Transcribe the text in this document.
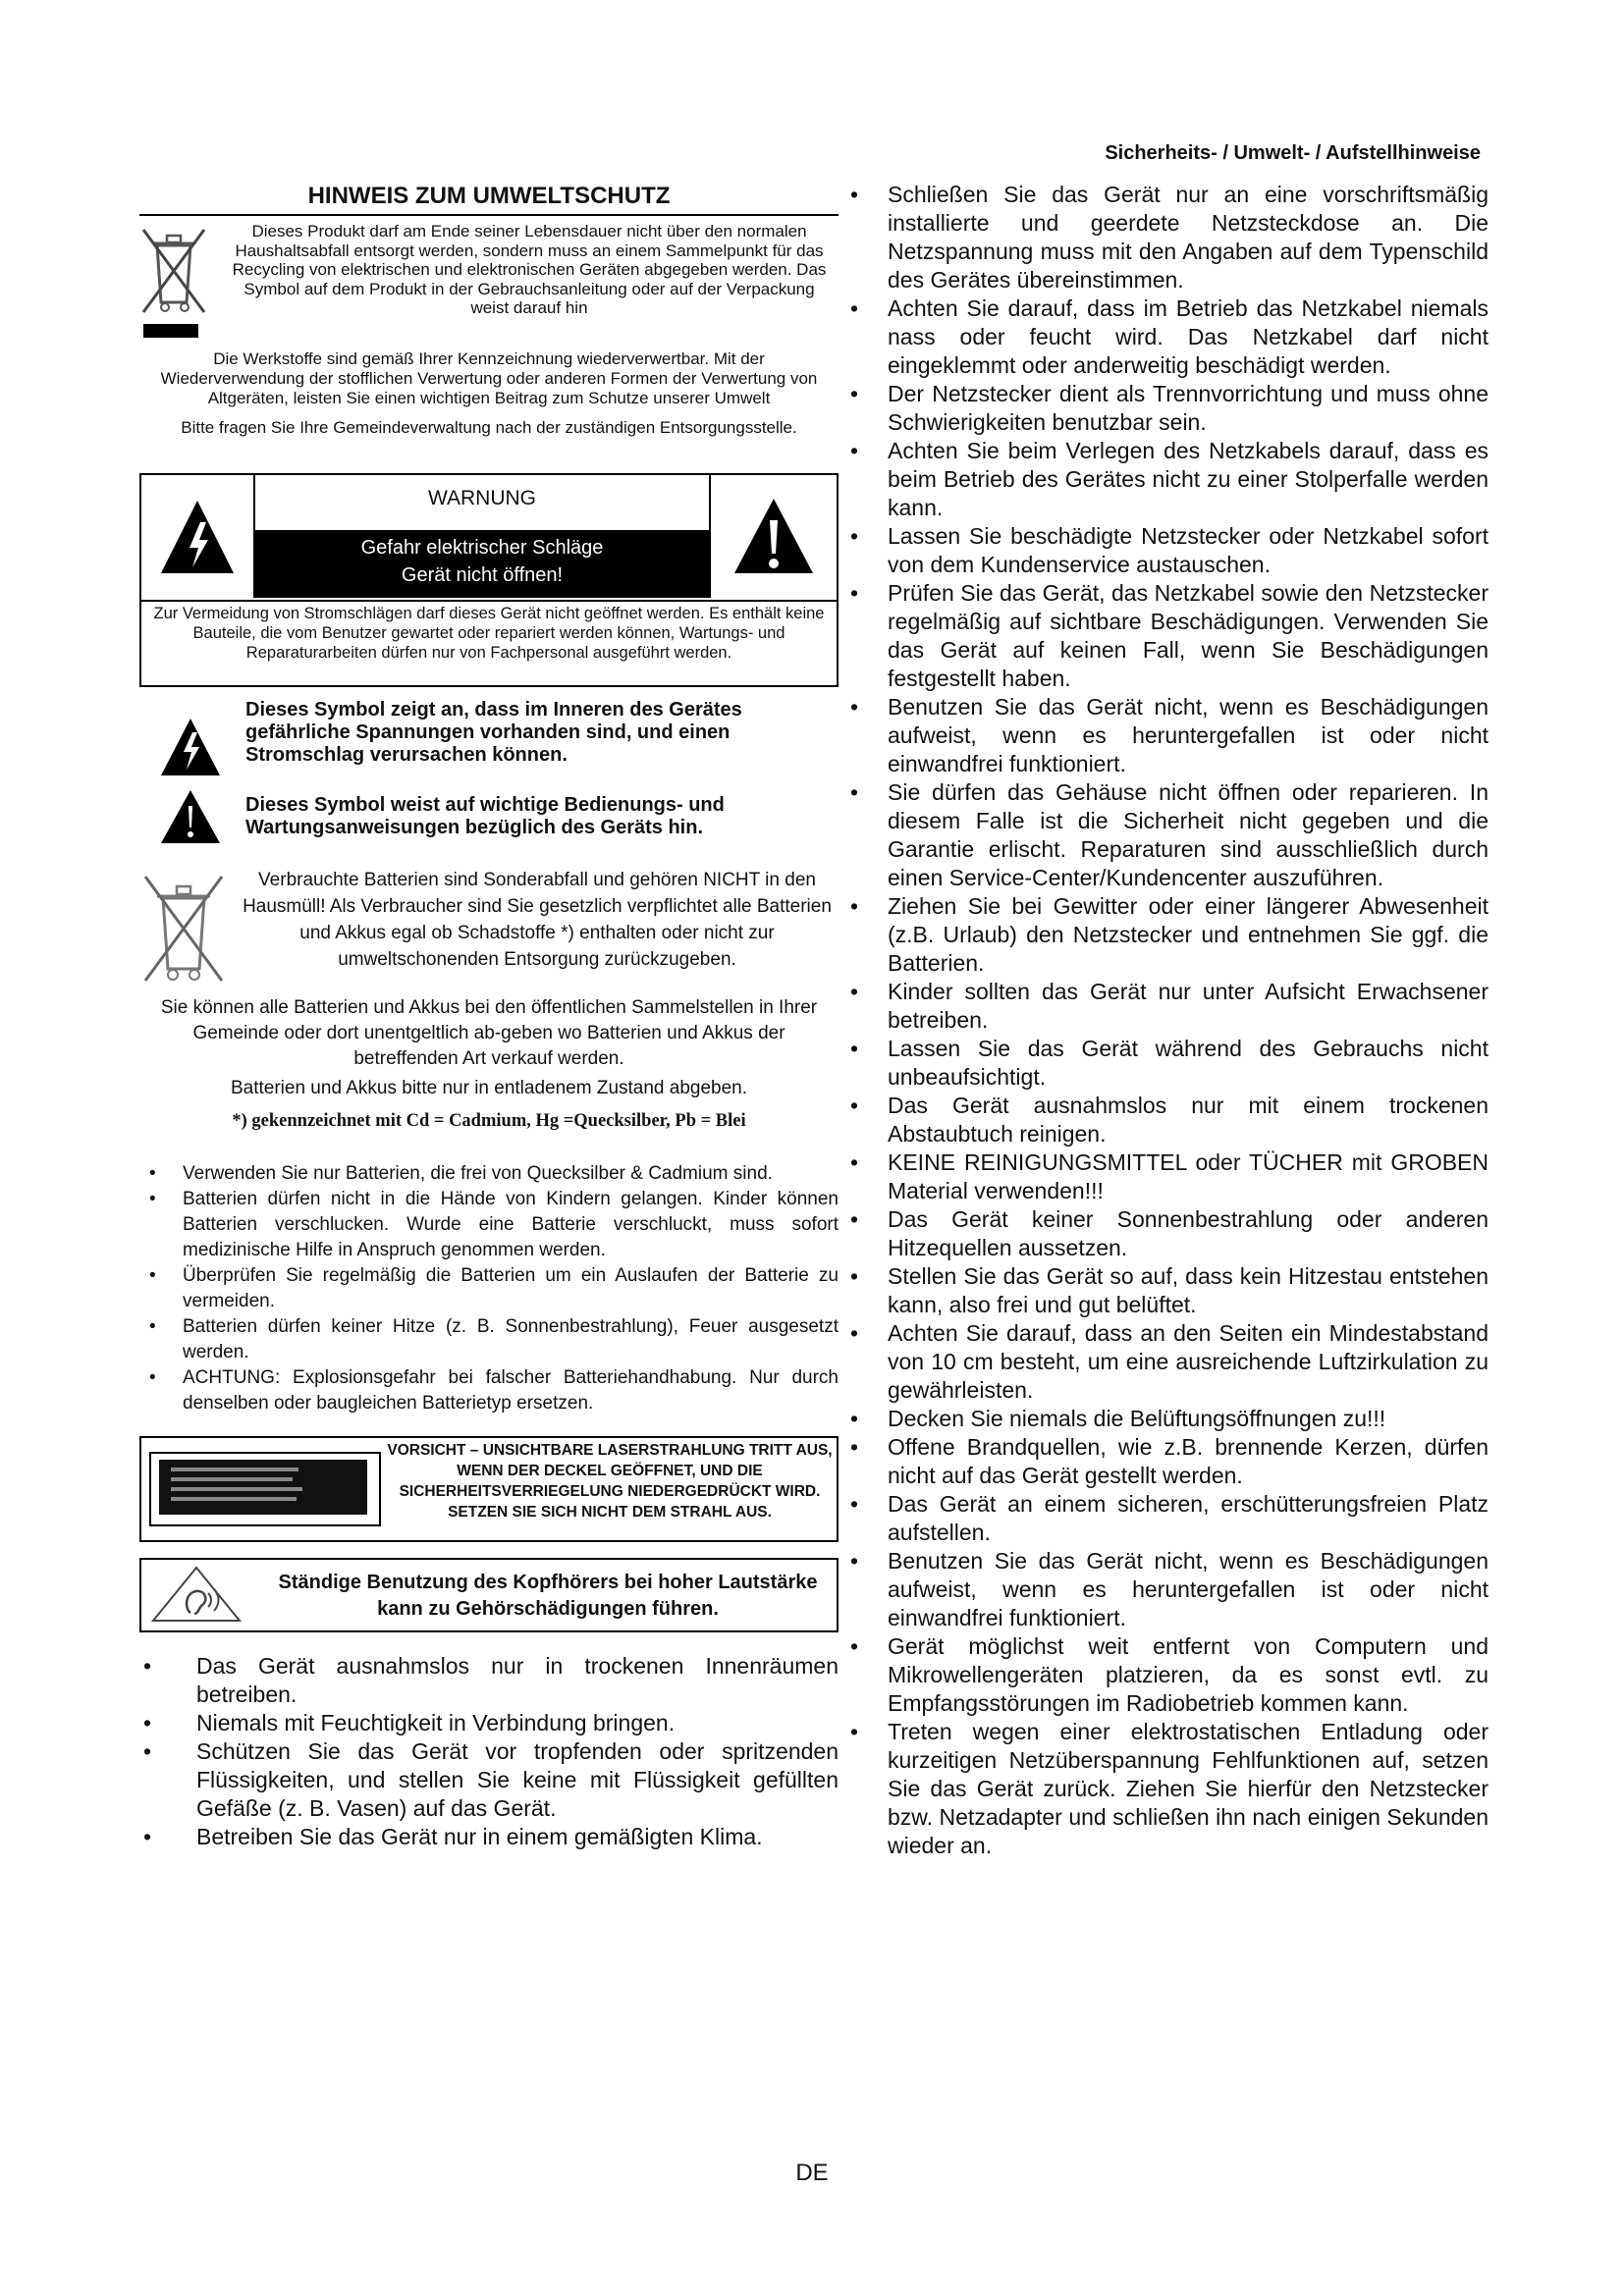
Sicherheits- / Umwelt- / Aufstellhinweise
HINWEIS ZUM UMWELTSCHUTZ

Dieses Produkt darf am Ende seiner Lebensdauer nicht über den normalen Haushaltsabfall entsorgt werden, sondern muss an einem Sammelpunkt für das Recycling von elektrischen und elektronischen Geräten abgegeben werden. Das Symbol auf dem Produkt in der Gebrauchsanleitung oder auf der Verpackung weist darauf hin

Die Werkstoffe sind gemäß Ihrer Kennzeichnung wiederverwertbar. Mit der Wiederverwendung der stofflichen Verwertung oder anderen Formen der Verwertung von Altgeräten, leisten Sie einen wichtigen Beitrag zum Schutze unserer Umwelt

Bitte fragen Sie Ihre Gemeindeverwaltung nach der zuständigen Entsorgungsstelle.

WARNUNG
Gefahr elektrischer Schläge
Gerät nicht öffnen!
Zur Vermeidung von Stromschlägen darf dieses Gerät nicht geöffnet werden. Es enthält keine Bauteile, die vom Benutzer gewartet oder repariert werden können, Wartungs- und Reparaturarbeiten dürfen nur von Fachpersonal ausgeführt werden.

Dieses Symbol zeigt an, dass im Inneren des Gerätes gefährliche Spannungen vorhanden sind, und einen Stromschlag verursachen können.

Dieses Symbol weist auf wichtige Bedienungs- und Wartungsanweisungen bezüglich des Geräts hin.

Verbrauchte Batterien sind Sonderabfall und gehören NICHT in den Hausmüll! Als Verbraucher sind Sie gesetzlich verpflichtet alle Batterien und Akkus egal ob Schadstoffe *) enthalten oder nicht zur umweltschonenden Entsorgung zurückzugeben.

Sie können alle Batterien und Akkus bei den öffentlichen Sammelstellen in Ihrer Gemeinde oder dort unentgeltlich ab-geben wo Batterien und Akkus der betreffenden Art verkauf werden.

Batterien und Akkus bitte nur in entladenem Zustand abgeben.

*) gekennzeichnet mit Cd = Cadmium, Hg =Quecksilber, Pb = Blei

• Verwenden Sie nur Batterien, die frei von Quecksilber & Cadmium sind.
• Batterien dürfen nicht in die Hände von Kindern gelangen. Kinder können Batterien verschlucken. Wurde eine Batterie verschluckt, muss sofort medizinische Hilfe in Anspruch genommen werden.
• Überprüfen Sie regelmäßig die Batterien um ein Auslaufen der Batterie zu vermeiden.
• Batterien dürfen keiner Hitze (z. B. Sonnenbestrahlung), Feuer ausgesetzt werden.
• ACHTUNG: Explosionsgefahr bei falscher Batteriehandhabung. Nur durch denselben oder baugleichen Batterietyp ersetzen.
VORSICHT – UNSICHTBARE LASERSTRAHLUNG TRITT AUS, WENN DER DECKEL GEÖFFNET, UND DIE SICHERHEITSVERRIEGELUNG NIEDERGEDRÜCKT WIRD. SETZEN SIE SICH NICHT DEM STRAHL AUS.
Ständige Benutzung des Kopfhörers bei hoher Lautstärke kann zu Gehörschädigungen führen.
• Das Gerät ausnahmslos nur in trockenen Innenräumen betreiben.
• Niemals mit Feuchtigkeit in Verbindung bringen.
• Schützen Sie das Gerät vor tropfenden oder spritzenden Flüssigkeiten, und stellen Sie keine mit Flüssigkeit gefüllten Gefäße (z. B. Vasen) auf das Gerät.
• Betreiben Sie das Gerät nur in einem gemäßigten Klima.
• Schließen Sie das Gerät nur an eine vorschriftsmäßig installierte und geerdete Netzsteckdose an. Die Netzspannung muss mit den Angaben auf dem Typenschild des Gerätes übereinstimmen.
• Achten Sie darauf, dass im Betrieb das Netzkabel niemals nass oder feucht wird. Das Netzkabel darf nicht eingeklemmt oder anderweitig beschädigt werden.
• Der Netzstecker dient als Trennvorrichtung und muss ohne Schwierigkeiten benutzbar sein.
• Achten Sie beim Verlegen des Netzkabels darauf, dass es beim Betrieb des Gerätes nicht zu einer Stolperfalle werden kann.
• Lassen Sie beschädigte Netzstecker oder Netzkabel sofort von dem Kundenservice austauschen.
• Prüfen Sie das Gerät, das Netzkabel sowie den Netzstecker regelmäßig auf sichtbare Beschädigungen. Verwenden Sie das Gerät auf keinen Fall, wenn Sie Beschädigungen festgestellt haben.
• Benutzen Sie das Gerät nicht, wenn es Beschädigungen aufweist, wenn es heruntergefallen ist oder nicht einwandfrei funktioniert.
• Sie dürfen das Gehäuse nicht öffnen oder reparieren. In diesem Falle ist die Sicherheit nicht gegeben und die Garantie erlischt. Reparaturen sind ausschließlich durch einen Service-Center/Kundencenter auszuführen.
• Ziehen Sie bei Gewitter oder einer längerer Abwesenheit (z.B. Urlaub) den Netzstecker und entnehmen Sie ggf. die Batterien.
• Kinder sollten das Gerät nur unter Aufsicht Erwachsener betreiben.
• Lassen Sie das Gerät während des Gebrauchs nicht unbeaufsichtigt.
• Das Gerät ausnahmslos nur mit einem trockenen Abstaubtuch reinigen.
• KEINE REINIGUNGSMITTEL oder TÜCHER mit GROBEN Material verwenden!!!
• Das Gerät keiner Sonnenbestrahlung oder anderen Hitzequellen aussetzen.
• Stellen Sie das Gerät so auf, dass kein Hitzestau entstehen kann, also frei und gut belüftet.
• Achten Sie darauf, dass an den Seiten ein Mindestabstand von 10 cm besteht, um eine ausreichende Luftzirkulation zu gewährleisten.
• Decken Sie niemals die Belüftungsöffnungen zu!!!
• Offene Brandquellen, wie z.B. brennende Kerzen, dürfen nicht auf das Gerät gestellt werden.
• Das Gerät an einem sicheren, erschütterungsfreien Platz aufstellen.
• Benutzen Sie das Gerät nicht, wenn es Beschädigungen aufweist, wenn es heruntergefallen ist oder nicht einwandfrei funktioniert.
• Gerät möglichst weit entfernt von Computern und Mikrowellengeräten platzieren, da es sonst evtl. zu Empfangsstörungen im Radiobetrieb kommen kann.
• Treten wegen einer elektrostatischen Entladung oder kurzeitigen Netzüberspannung Fehlfunktionen auf, setzen Sie das Gerät zurück. Ziehen Sie hierfür den Netzstecker bzw. Netzadapter und schließen ihn nach einigen Sekunden wieder an.
DE
